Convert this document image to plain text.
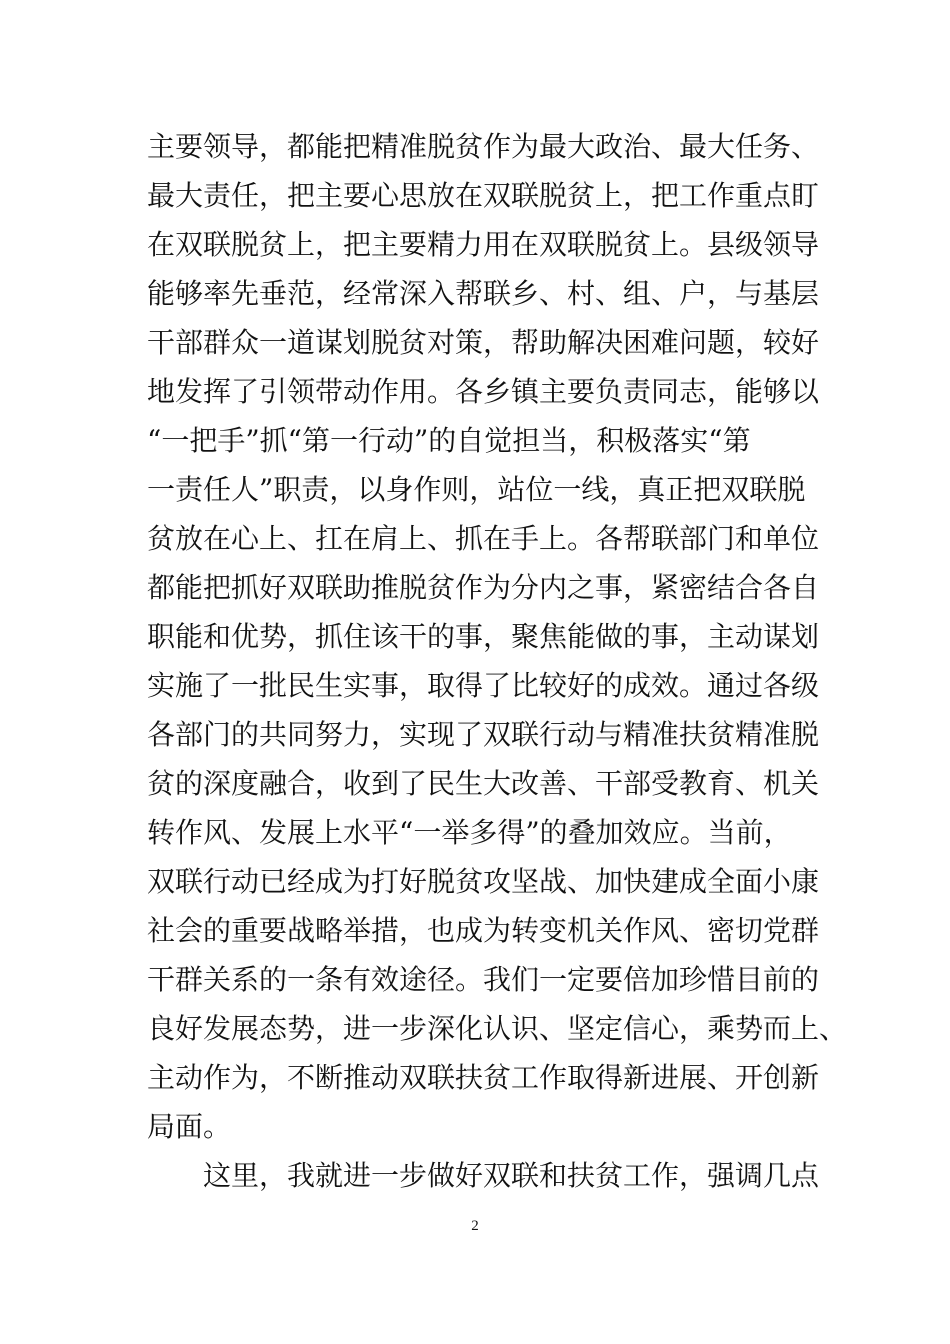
主要领导，都能把精准脱贫作为最大政治、最大任务、
最大责任，把主要心思放在双联脱贫上，把工作重点盯
在双联脱贫上，把主要精力用在双联脱贫上。县级领导
能够率先垂范，经常深入帮联乡、村、组、户，与基层
干部群众一道谋划脱贫对策，帮助解决困难问题，较好
地发挥了引领带动作用。各乡镇主要负责同志，能够以
“一把手”抓“第一行动”的自觉担当，积极落实“第
一责任人”职责，以身作则，站位一线，真正把双联脱
贫放在心上、扛在肩上、抓在手上。各帮联部门和单位
都能把抓好双联助推脱贫作为分内之事，紧密结合各自
职能和优势，抓住该干的事，聚焦能做的事，主动谋划
实施了一批民生实事，取得了比较好的成效。通过各级
各部门的共同努力，实现了双联行动与精准扶贫精准脱
贫的深度融合，收到了民生大改善、干部受教育、机关
转作风、发展上水平“一举多得”的叠加效应。当前，
双联行动已经成为打好脱贫攻坚战、加快建成全面小康
社会的重要战略举措，也成为转变机关作风、密切党群
干群关系的一条有效途径。我们一定要倍加珍惜目前的
良好发展态势，进一步深化认识、坚定信心，乘势而上、
主动作为，不断推动双联扶贫工作取得新进展、开创新
局面。
这里，我就进一步做好双联和扶贫工作，强调几点
2
